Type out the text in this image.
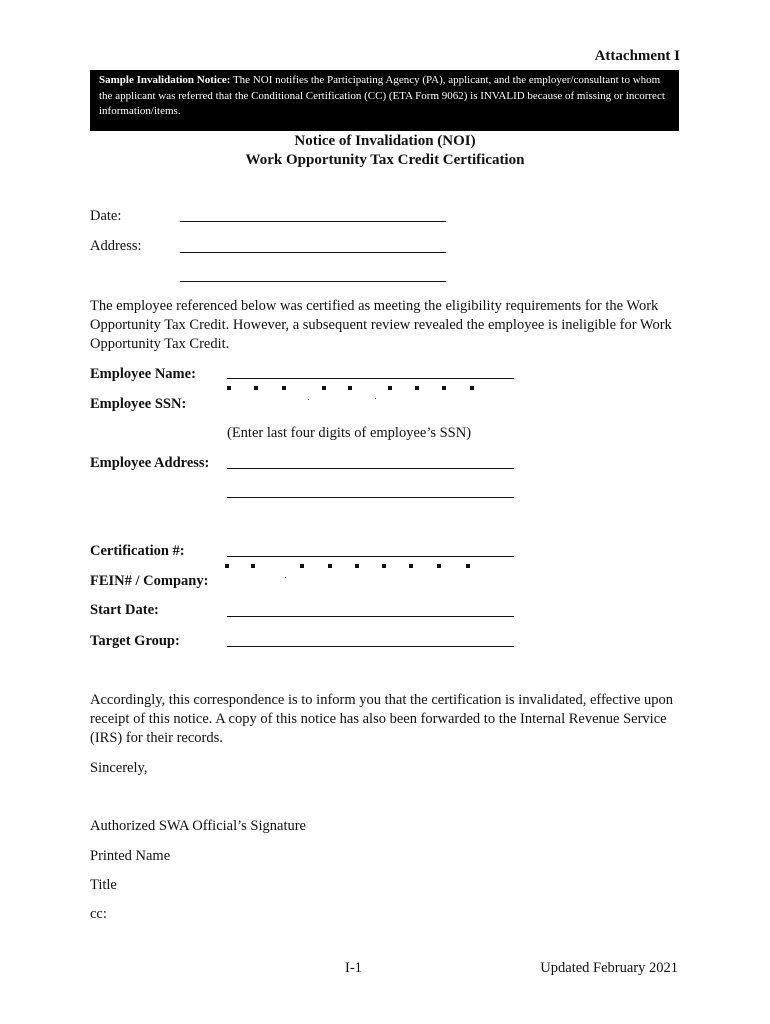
Attachment I
Sample Invalidation Notice: The NOI notifies the Participating Agency (PA), applicant, and the employer/consultant to whom the applicant was referred that the Conditional Certification (CC) (ETA Form 9062) is INVALID because of missing or incorrect information/items.
Notice of Invalidation (NOI)
Work Opportunity Tax Credit Certification
Date:
Address:
The employee referenced below was certified as meeting the eligibility requirements for the Work Opportunity Tax Credit. However, a subsequent review revealed the employee is ineligible for Work Opportunity Tax Credit.
Employee Name:
Employee SSN:
(Enter last four digits of employee’s SSN)
Employee Address:
Certification #:
FEIN# / Company:
Start Date:
Target Group:
Accordingly, this correspondence is to inform you that the certification is invalidated, effective upon receipt of this notice. A copy of this notice has also been forwarded to the Internal Revenue Service (IRS) for their records.
Sincerely,
Authorized SWA Official’s Signature
Printed Name
Title
cc:
I-1	Updated February 2021
